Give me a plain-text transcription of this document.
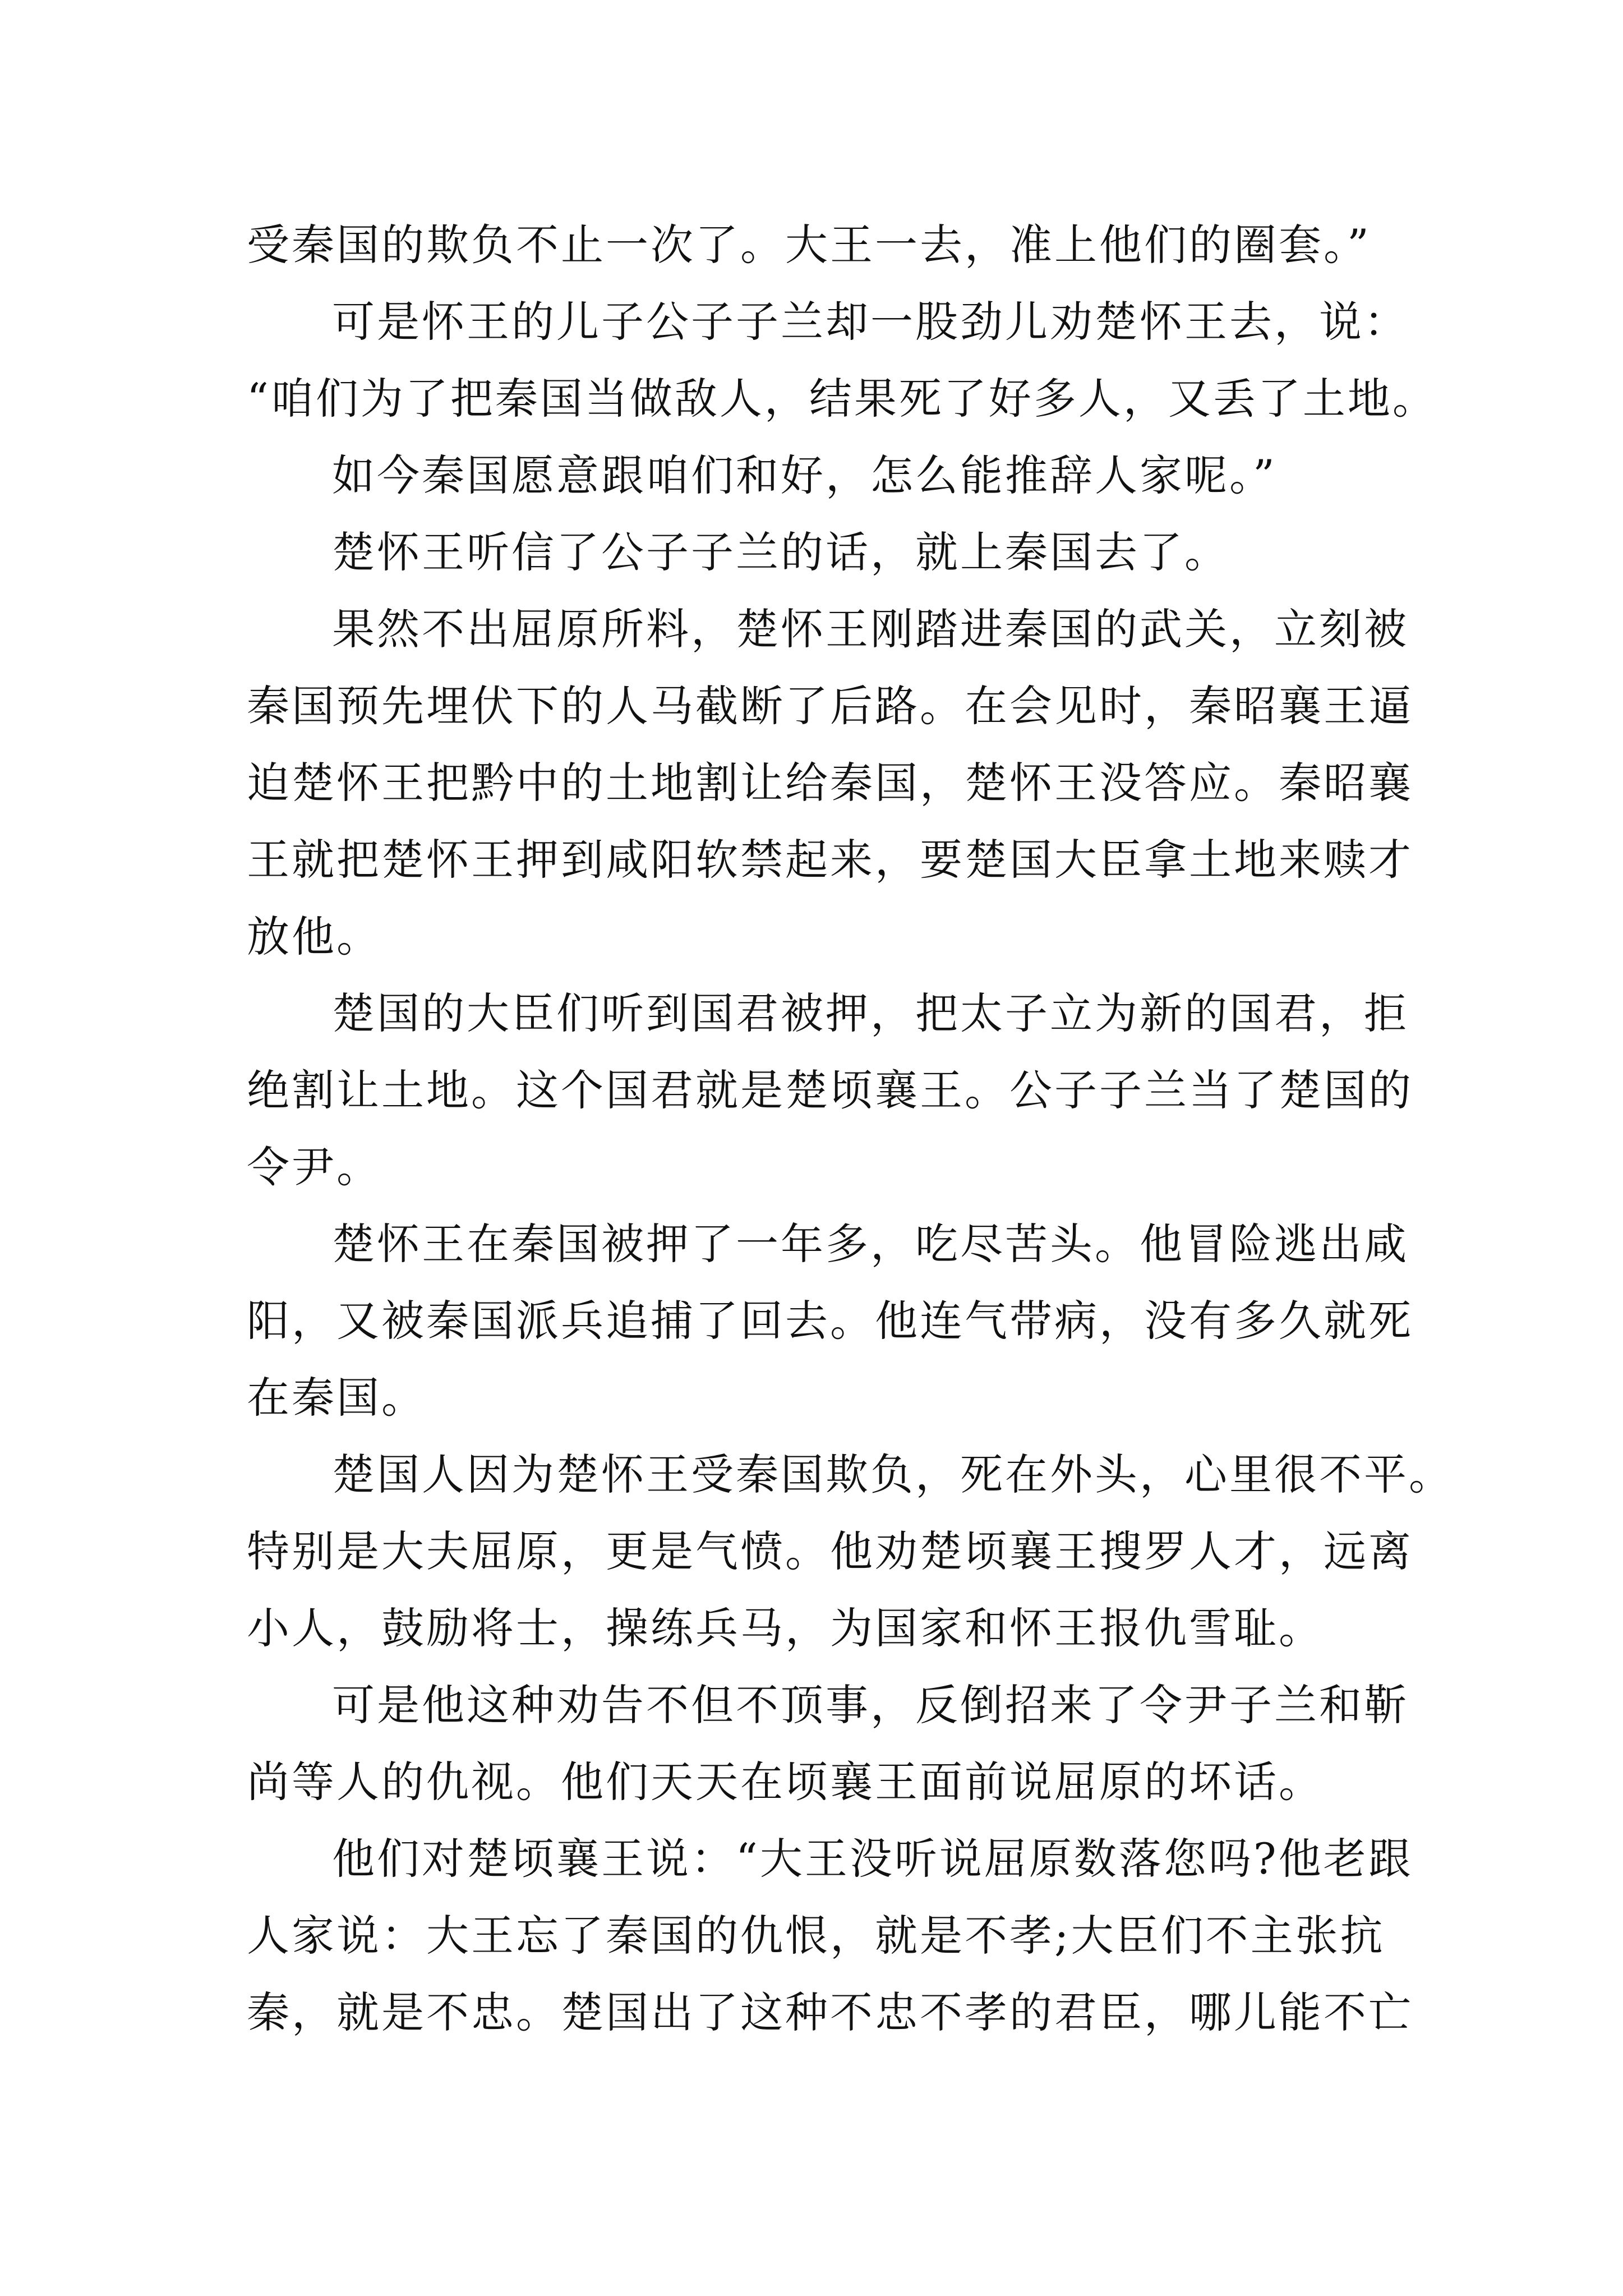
受秦国的欺负不止一次了。大王一去，准上他们的圈套。”
可是怀王的儿子公子子兰却一股劲儿劝楚怀王去，说：
“咱们为了把秦国当做敌人，结果死了好多人，又丢了土地。
如今秦国愿意跟咱们和好，怎么能推辞人家呢。”
楚怀王听信了公子子兰的话，就上秦国去了。
果然不出屈原所料，楚怀王刚踏进秦国的武关，立刻被
秦国预先埋伏下的人马截断了后路。在会见时，秦昭襄王逼
迫楚怀王把黔中的土地割让给秦国，楚怀王没答应。秦昭襄
王就把楚怀王押到咸阳软禁起来，要楚国大臣拿土地来赎才
放他。
楚国的大臣们听到国君被押，把太子立为新的国君，拒
绝割让土地。这个国君就是楚顷襄王。公子子兰当了楚国的
令尹。
楚怀王在秦国被押了一年多，吃尽苦头。他冒险逃出咸
阳，又被秦国派兵追捕了回去。他连气带病，没有多久就死
在秦国。
楚国人因为楚怀王受秦国欺负，死在外头，心里很不平。
特别是大夫屈原，更是气愤。他劝楚顷襄王搜罗人才，远离
小人，鼓励将士，操练兵马，为国家和怀王报仇雪耻。
可是他这种劝告不但不顶事，反倒招来了令尹子兰和靳
尚等人的仇视。他们天天在顷襄王面前说屈原的坏话。
他们对楚顷襄王说：“大王没听说屈原数落您吗?他老跟
人家说：大王忘了秦国的仇恨，就是不孝;大臣们不主张抗
秦，就是不忠。楚国出了这种不忠不孝的君臣，哪儿能不亡
